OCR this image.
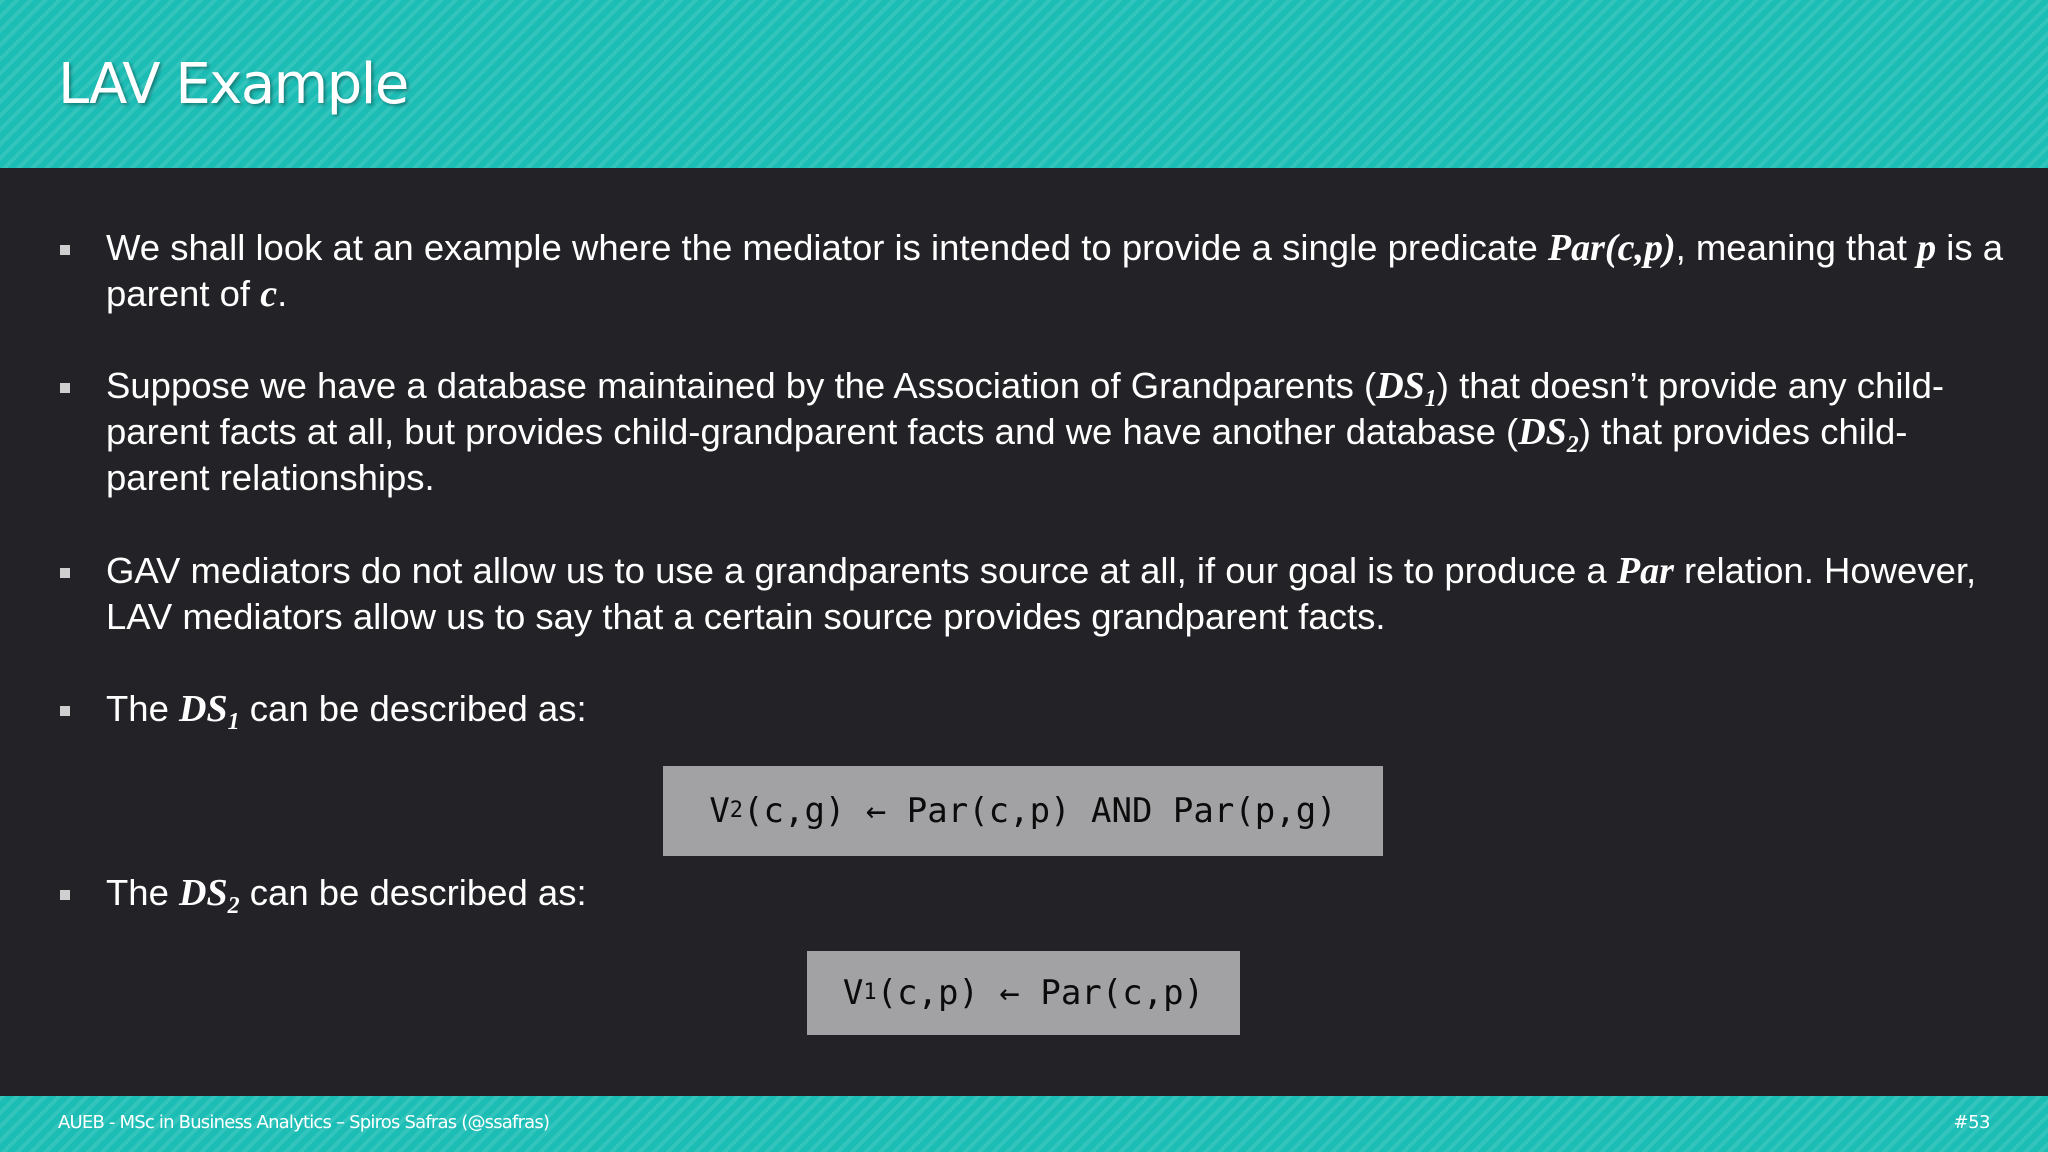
LAV Example

We shall look at an example where the mediator is intended to provide a single predicate Par(c,p), meaning that p is a parent of c.

Suppose we have a database maintained by the Association of Grandparents $(DS_1)$ that doesn’t provide any child-parent facts at all, but provides child-grandparent facts and we have another database $(DS_2)$ that provides child-parent relationships.

GAV mediators do not allow us to use a grandparents source at all, if our goal is to produce a Par relation. However, LAV mediators allow us to say that a certain source provides grandparent facts.

The $DS_1$ can be described as:

V 2 (c,g) ← Par(c,p) AND Par(p,g)

The $DS_2$ can be described as:

V 1 (c,p) ← Par(c,p)
AUEB - MSc in Business Analytics – Spiros Safras (@ssafras)	#53
